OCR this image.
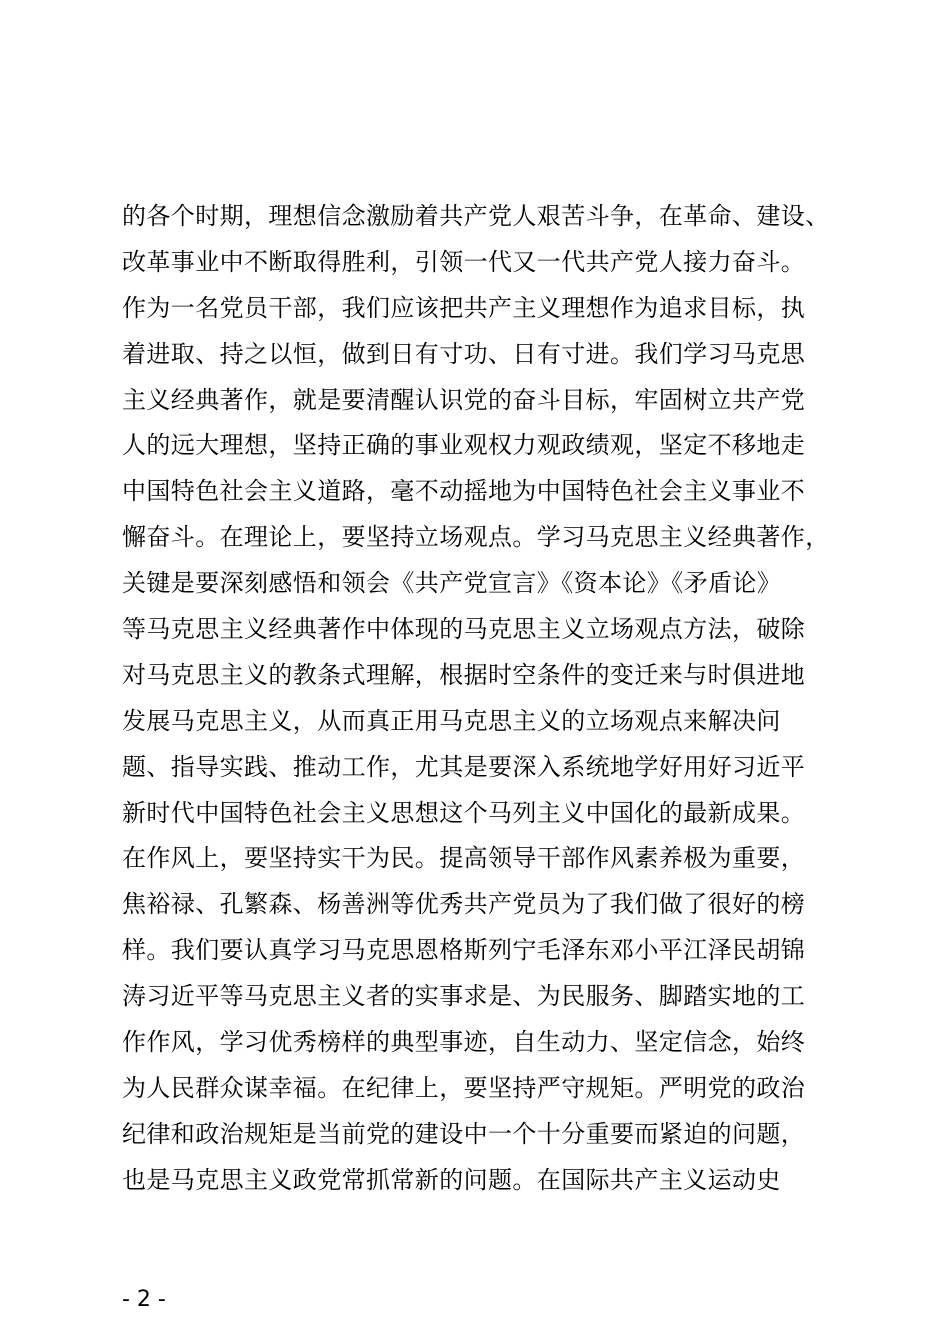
的各个时期，理想信念激励着共产党人艰苦斗争，在革命、建设、
改革事业中不断取得胜利，引领一代又一代共产党人接力奋斗。
作为一名党员干部，我们应该把共产主义理想作为追求目标，执
着进取、持之以恒，做到日有寸功、日有寸进。我们学习马克思
主义经典著作，就是要清醒认识党的奋斗目标，牢固树立共产党
人的远大理想，坚持正确的事业观权力观政绩观，坚定不移地走
中国特色社会主义道路，毫不动摇地为中国特色社会主义事业不
懈奋斗。在理论上，要坚持立场观点。学习马克思主义经典著作，
关键是要深刻感悟和领会《共产党宣言》《资本论》《矛盾论》
等马克思主义经典著作中体现的马克思主义立场观点方法，破除
对马克思主义的教条式理解，根据时空条件的变迁来与时俱进地
发展马克思主义，从而真正用马克思主义的立场观点来解决问
题、指导实践、推动工作，尤其是要深入系统地学好用好习近平
新时代中国特色社会主义思想这个马列主义中国化的最新成果。
在作风上，要坚持实干为民。提高领导干部作风素养极为重要，
焦裕禄、孔繁森、杨善洲等优秀共产党员为了我们做了很好的榜
样。我们要认真学习马克思恩格斯列宁毛泽东邓小平江泽民胡锦
涛习近平等马克思主义者的实事求是、为民服务、脚踏实地的工
作作风，学习优秀榜样的典型事迹，自生动力、坚定信念，始终
为人民群众谋幸福。在纪律上，要坚持严守规矩。严明党的政治
纪律和政治规矩是当前党的建设中一个十分重要而紧迫的问题，
也是马克思主义政党常抓常新的问题。在国际共产主义运动史
- 2 -
